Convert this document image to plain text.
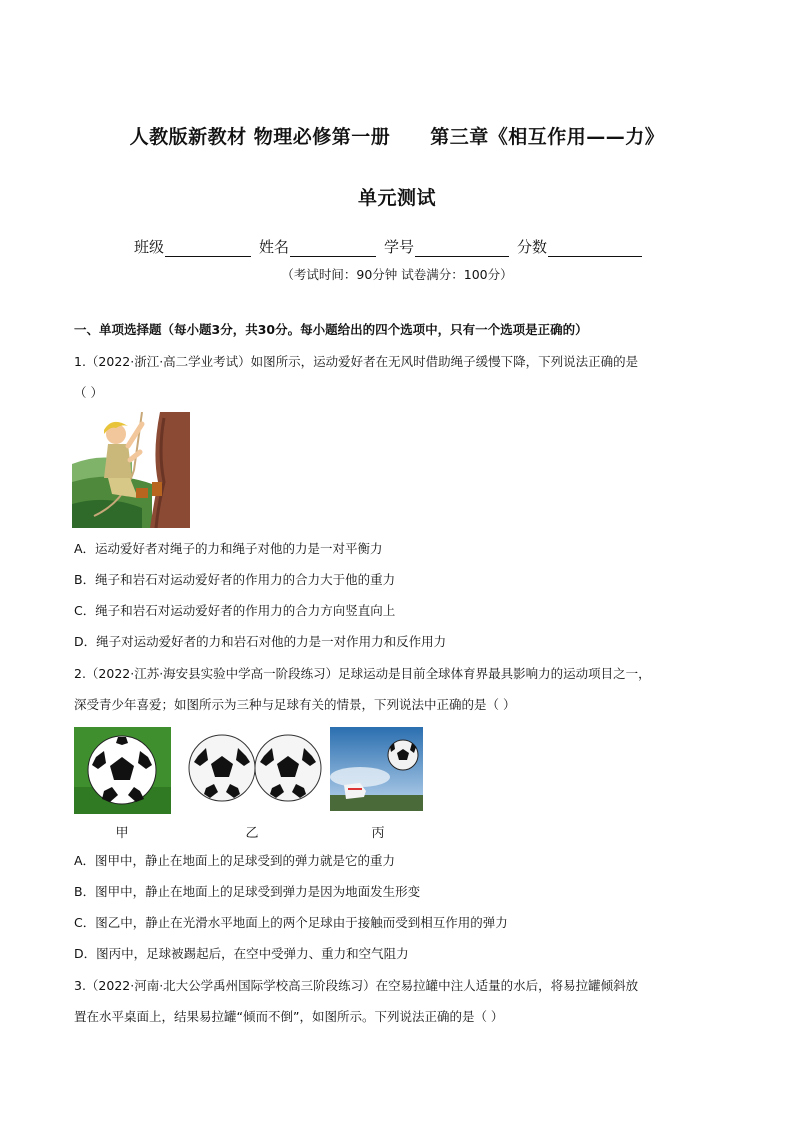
人教版新教材 物理必修第一册 第三章《相互作用——力》
单元测试
班级	姓名	学号	分数
（考试时间：90分钟 试卷满分：100分）
一、单项选择题（每小题3分，共30分。每小题给出的四个选项中，只有一个选项是正确的）
1.（2022·浙江·高二学业考试）如图所示，运动爱好者在无风时借助绳子缓慢下降，下列说法正确的是
（ ）
A．运动爱好者对绳子的力和绳子对他的力是一对平衡力
B．绳子和岩石对运动爱好者的作用力的合力大于他的重力
C．绳子和岩石对运动爱好者的作用力的合力方向竖直向上
D．绳子对运动爱好者的力和岩石对他的力是一对作用力和反作用力
2.（2022·江苏·海安县实验中学高一阶段练习）足球运动是目前全球体育界最具影响力的运动项目之一，
深受青少年喜爱；如图所示为三种与足球有关的情景，下列说法中正确的是（ ）
甲	乙	丙
A．图甲中，静止在地面上的足球受到的弹力就是它的重力
B．图甲中，静止在地面上的足球受到弹力是因为地面发生形变
C．图乙中，静止在光滑水平地面上的两个足球由于接触而受到相互作用的弹力
D．图丙中，足球被踢起后，在空中受弹力、重力和空气阻力
3.（2022·河南·北大公学禹州国际学校高三阶段练习）在空易拉罐中注人适量的水后，将易拉罐倾斜放
置在水平桌面上，结果易拉罐“倾而不倒”，如图所示。下列说法正确的是（ ）
